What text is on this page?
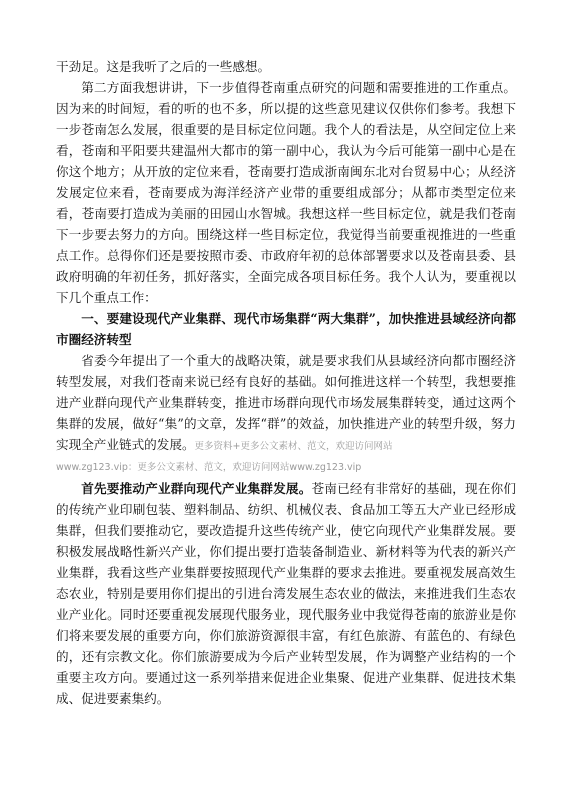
干劲足。这是我听了之后的一些感想。

第二方面我想讲讲，下一步值得苍南重点研究的问题和需要推进的工作重点。因为来的时间短，看的听的也不多，所以提的这些意见建议仅供你们参考。我想下一步苍南怎么发展，很重要的是目标定位问题。我个人的看法是，从空间定位上来看，苍南和平阳要共建温州大都市的第一副中心，我认为今后可能第一副中心是在你这个地方；从开放的定位来看，苍南要打造成浙南闽东北对台贸易中心；从经济发展定位来看，苍南要成为海洋经济产业带的重要组成部分；从都市类型定位来看，苍南要打造成为美丽的田园山水智城。我想这样一些目标定位，就是我们苍南下一步要去努力的方向。围绕这样一些目标定位，我觉得当前要重视推进的一些重点工作。总得你们还是要按照市委、市政府年初的总体部署要求以及苍南县委、县政府明确的年初任务，抓好落实，全面完成各项目标任务。我个人认为，要重视以下几个重点工作：

一、要建设现代产业集群、现代市场集群“两大集群”，加快推进县域经济向都市圈经济转型

省委今年提出了一个重大的战略决策，就是要求我们从县域经济向都市圈经济转型发展，对我们苍南来说已经有良好的基础。如何推进这样一个转型，我想要推进产业群向现代产业集群转变，推进市场群向现代市场发展集群转变，通过这两个集群的发展，做好“集”的文章，发挥“群”的效益，加快推进产业的转型升级，努力实现全产业链式的发展。更多资料+更多公文素材、范文，欢迎访问网站

www.zg123.vip：更多公文素材、范文，欢迎访问网站www.zg123.vip

首先要推动产业群向现代产业集群发展。苍南已经有非常好的基础，现在你们的传统产业印刷包装、塑料制品、纺织、机械仪表、食品加工等五大产业已经形成集群，但我们要推动它，要改造提升这些传统产业，使它向现代产业集群发展。要积极发展战略性新兴产业，你们提出要打造装备制造业、新材料等为代表的新兴产业集群，我看这些产业集群要按照现代产业集群的要求去推进。要重视发展高效生态农业，特别是要用你们提出的引进台湾发展生态农业的做法，来推进我们生态农业产业化。同时还要重视发展现代服务业，现代服务业中我觉得苍南的旅游业是你们将来要发展的重要方向，你们旅游资源很丰富，有红色旅游、有蓝色的、有绿色的，还有宗教文化。你们旅游要成为今后产业转型发展，作为调整产业结构的一个重要主攻方向。要通过这一系列举措来促进企业集聚、促进产业集群、促进技术集成、促进要素集约。
